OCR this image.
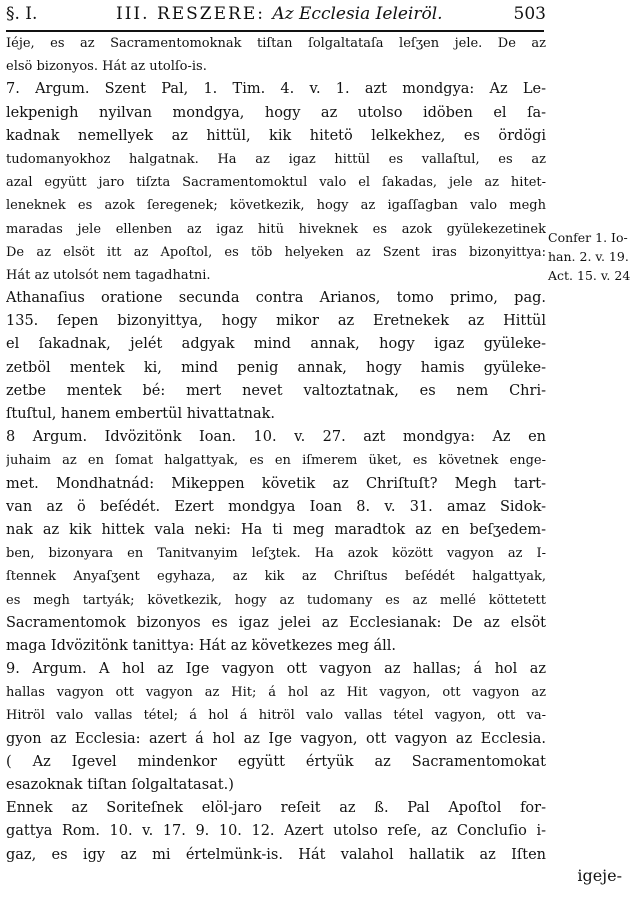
§. I.	III. RESZERE: Az Ecclesia Ieleiröl.	503
Iéje, es az Sacramentomoknak tiſtan ſolgaltataſa leſʒen jele. De az
elsö bizonyos. Hát az utolſo-is.
7. Argum. Szent Pal, 1. Tim. 4. v. 1. azt mondgya: Az Le-
lekpenigh nyilvan mondgya, hogy az utolso idöben el ſa-
kadnak nemellyek az hittül, kik hitetö lelkekhez, es ördögi
tudomanyokhoz halgatnak. Ha az igaz hittül es vallaſtul, es az
azal együtt jaro tiſzta Sacramentomoktul valo el ſakadas, jele az hitet-
leneknek es azok ſeregenek; következik, hogy az igaſſagban valo megh
maradas jele ellenben az igaz hitü hiveknek es azok gyülekezetinek
De az elsöt itt az Apoſtol, es töb helyeken az Szent iras bizonyittya:
Hát az utolsót nem tagadhatni.
Athanaſius oratione secunda contra Arianos, tomo primo, pag.
135. ſepen bizonyittya, hogy mikor az Eretnekek az Hittül
el ſakadnak, jelét adgyak mind annak, hogy igaz gyüleke-
zetböl mentek ki, mind penig annak, hogy hamis gyüleke-
zetbe mentek bé: mert nevet valtoztatnak, es nem Chri-
ſtuſtul, hanem embertül hivattatnak.
8 Argum. Idvözitönk Ioan. 10. v. 27. azt mondgya: Az en
juhaim az en ſomat halgattyak, es en iſmerem üket, es követnek enge-
met. Mondhatnád: Mikeppen követik az Chriſtuſt? Megh tart-
van az ö beſédét. Ezert mondgya Ioan 8. v. 31. amaz Sidok-
nak az kik hittek vala neki: Ha ti meg maradtok az en beſʒedem-
ben, bizonyara en Tanitvanyim leſʒtek. Ha azok között vagyon az I-
ſtennek Anyaſʒent egyhaza, az kik az Chriſtus beſédét halgattyak,
es megh tartyák; következik, hogy az tudomany es az mellé köttetett
Sacramentomok bizonyos es igaz jelei az Ecclesianak: De az elsöt
maga Idvözitönk tanittya: Hát az következes meg áll.
9. Argum. A hol az Ige vagyon ott vagyon az hallas; á hol az
hallas vagyon ott vagyon az Hit; á hol az Hit vagyon, ott vagyon az
Hitröl valo vallas tétel; á hol á hitröl valo vallas tétel vagyon, ott va-
gyon az Ecclesia: azert á hol az Ige vagyon, ott vagyon az Ecclesia.
( Az Igevel mindenkor együtt értyük az Sacramentomokat
esazoknak tiſtan ſolgaltatasat.)
Ennek az Soriteſnek elöl-jaro reſeit az ß. Pal Apoſtol for-
gattya Rom. 10. v. 17. 9. 10. 12. Azert utolso reſe, az Concluſio i-
gaz, es igy az mi értelmünk-is. Hát valahol hallatik az Iſten
Confer 1. Io-
han. 2. v. 19.
Act. 15. v. 24
igeje-
